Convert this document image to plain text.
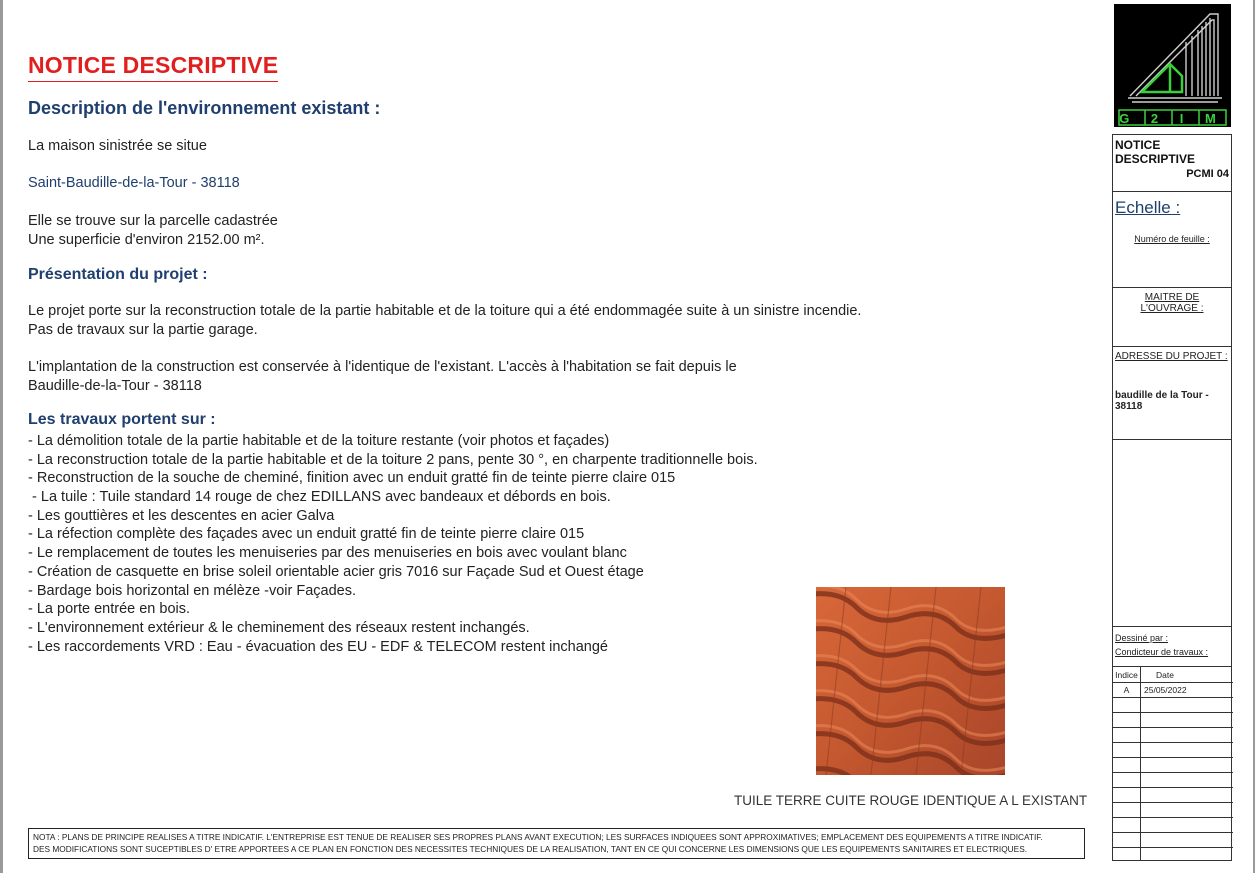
NOTICE DESCRIPTIVE
Description de l'environnement existant :
La maison sinistrée se situe
Saint-Baudille-de-la-Tour - 38118
Elle se trouve sur la parcelle cadastrée
Une superficie d'environ 2152.00 m².
Présentation du projet :
Le projet porte sur la reconstruction totale de la partie habitable et de la toiture qui a été endommagée suite à un sinistre incendie.
Pas de travaux sur la partie garage.
L'implantation de la construction est conservée à l'identique de l'existant. L'accès à l'habitation se fait depuis le
Baudille-de-la-Tour - 38118
Les travaux portent sur :
- La démolition totale de la partie habitable et de la toiture restante (voir photos et façades)
- La reconstruction totale de la partie habitable et de la toiture 2 pans, pente 30 °, en charpente traditionnelle bois.
- Reconstruction de la souche de cheminé, finition avec un enduit gratté fin de teinte pierre claire 015
- La tuile : Tuile standard 14 rouge de chez EDILLANS avec bandeaux et débords en bois.
- Les gouttières et les descentes en acier Galva
- La réfection complète des façades avec un enduit gratté fin de teinte pierre claire 015
- Le remplacement de toutes les menuiseries par des menuiseries en bois avec voulant blanc
- Création de casquette en brise soleil orientable acier gris 7016 sur Façade Sud et Ouest étage
- Bardage bois horizontal en mélèze -voir Façades.
- La porte entrée en bois.
- L'environnement extérieur & le cheminement des réseaux restent inchangés.
- Les raccordements VRD : Eau - évacuation des EU - EDF & TELECOM restent inchangé
TUILE TERRE CUITE ROUGE IDENTIQUE A L EXISTANT
NOTA : PLANS DE PRINCIPE REALISES A TITRE INDICATIF. L'ENTREPRISE EST TENUE DE REALISER SES PROPRES PLANS AVANT EXECUTION; LES SURFACES INDIQUEES SONT APPROXIMATIVES; EMPLACEMENT DES EQUIPEMENTS A TITRE INDICATIF.
DES MODIFICATIONS SONT SUCEPTIBLES D' ETRE APPORTEES A CE PLAN EN FONCTION DES NECESSITES TECHNIQUES DE LA REALISATION, TANT EN CE QUI CONCERNE LES DIMENSIONS QUE LES EQUIPEMENTS SANITAIRES ET ELECTRIQUES.
G 2 I M
NOTICE
DESCRIPTIVE
PCMI 04
Echelle :
Numéro de feuille :
MAITRE DE
L'OUVRAGE :
ADRESSE DU PROJET :
baudille de la Tour -
38118
Dessiné par :
Condicteur de travaux :
Indice	Date
A	25/05/2022
